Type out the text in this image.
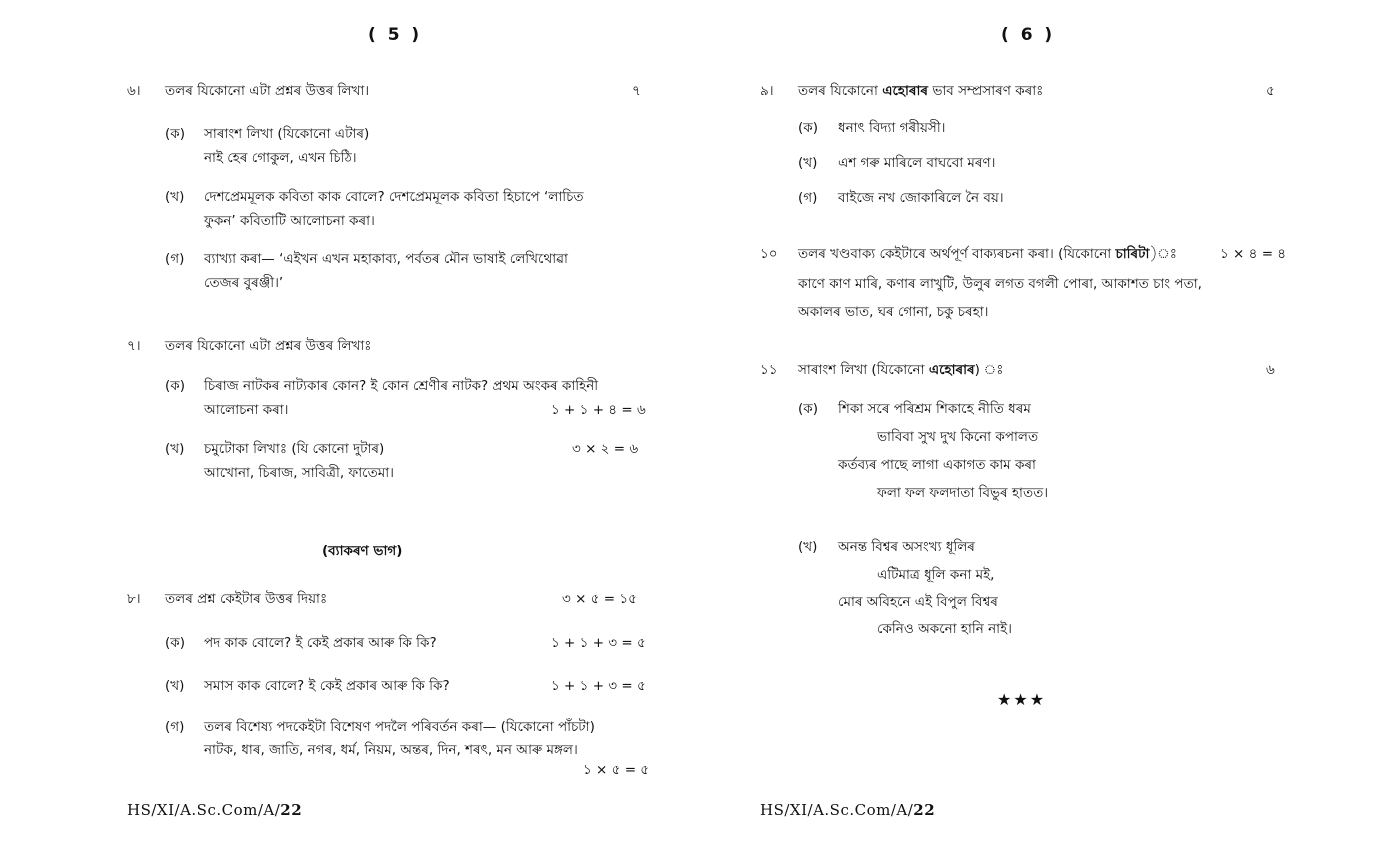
( 5 )
৬। তলৰ যিকোনো এটা প্ৰশ্নৰ উত্তৰ লিখা।	৭
(ক) সাৰাংশ লিখা (যিকোনো এটাৰ)
নাই হেৰ গোকুল, এখন চিঠি।
(খ) দেশপ্ৰেমমূলক কবিতা কাক বোলে? দেশপ্ৰেমমূলক কবিতা হিচাপে ‘লাচিত
ফুকন’ কবিতাটি আলোচনা কৰা।
(গ) ব্যাখ্যা কৰা— ‘এইখন এখন মহাকাব্য, পৰ্বতৰ মৌন ভাষাই লেখিথোৱা
তেজৰ বুৰঞ্জী।’
৭। তলৰ যিকোনো এটা প্ৰশ্নৰ উত্তৰ লিখাঃ
(ক) চিৰাজ নাটকৰ নাট্যকাৰ কোন? ই কোন শ্ৰেণীৰ নাটক? প্ৰথম অংকৰ কাহিনী
আলোচনা কৰা।	১ + ১ + ৪ = ৬
(খ) চমুটোকা লিখাঃ (যি কোনো দুটাৰ)	৩ × ২ = ৬
আখোনা, চিৰাজ, সাবিত্ৰী, ফাতেমা।
(ব্যাকৰণ ভাগ)
৮। তলৰ প্ৰশ্ন কেইটাৰ উত্তৰ দিয়াঃ	৩ × ৫ = ১৫
(ক) পদ কাক বোলে? ই কেই প্ৰকাৰ আৰু কি কি?	১ + ১ + ৩ = ৫
(খ) সমাস কাক বোলে? ই কেই প্ৰকাৰ আৰু কি কি?	১ + ১ + ৩ = ৫
(গ) তলৰ বিশেষ্য পদকেইটা বিশেষণ পদলৈ পৰিবৰ্তন কৰা— (যিকোনো পাঁচটা)
নাটক, ধাৰ, জাতি, নগৰ, ধৰ্ম, নিয়ম, অন্তৰ, দিন, শৰৎ, মন আৰু মঙ্গল।
১ × ৫ = ৫
HS/XI/A.Sc.Com/A/22
( 6 )
৯। তলৰ যিকোনো এহোৰাৰ ভাব সম্প্ৰসাৰণ কৰাঃ	৫
(ক) ধনাৎ বিদ্যা গৰীয়সী।
(খ) এশ গৰু মাৰিলে বাঘবো মৰণ।
(গ) বাইজে নখ জোকাৰিলে নৈ বয়।
১০ তলৰ খণ্ডবাক্য কেইটাৰে অৰ্থপূৰ্ণ বাক্যৰচনা কৰা। (যিকোনো চাৰিটা)ঃ	১ × ৪ = ৪
কাণে কাণ মাৰি, কণাৰ লাখুটি, উলুৰ লগত বগলী পোৰা, আকাশত চাং পতা,
অকালৰ ভাত, ঘৰ গোনা, চকু চৰহা।
১১ সাৰাংশ লিখা (যিকোনো এহোৰাৰ) ঃ	৬
(ক) শিকা সৰে পৰিশ্ৰম শিকাহে নীতি ধৰম
ভাবিবা সুখ দুখ কিনো কপালত
কৰ্তব্যৰ পাছে লাগা একাগত কাম কৰা
ফলা ফল ফলদাতা বিভুৰ হাতত।
(খ) অনন্ত বিশ্বৰ অসংখ্য ধূলিৰ
এটিমাত্ৰ ধূলি কনা মই,
মোৰ অবিহনে এই বিপুল বিশ্বৰ
কেনিও অকনো হানি নাই।
★★★
HS/XI/A.Sc.Com/A/22
